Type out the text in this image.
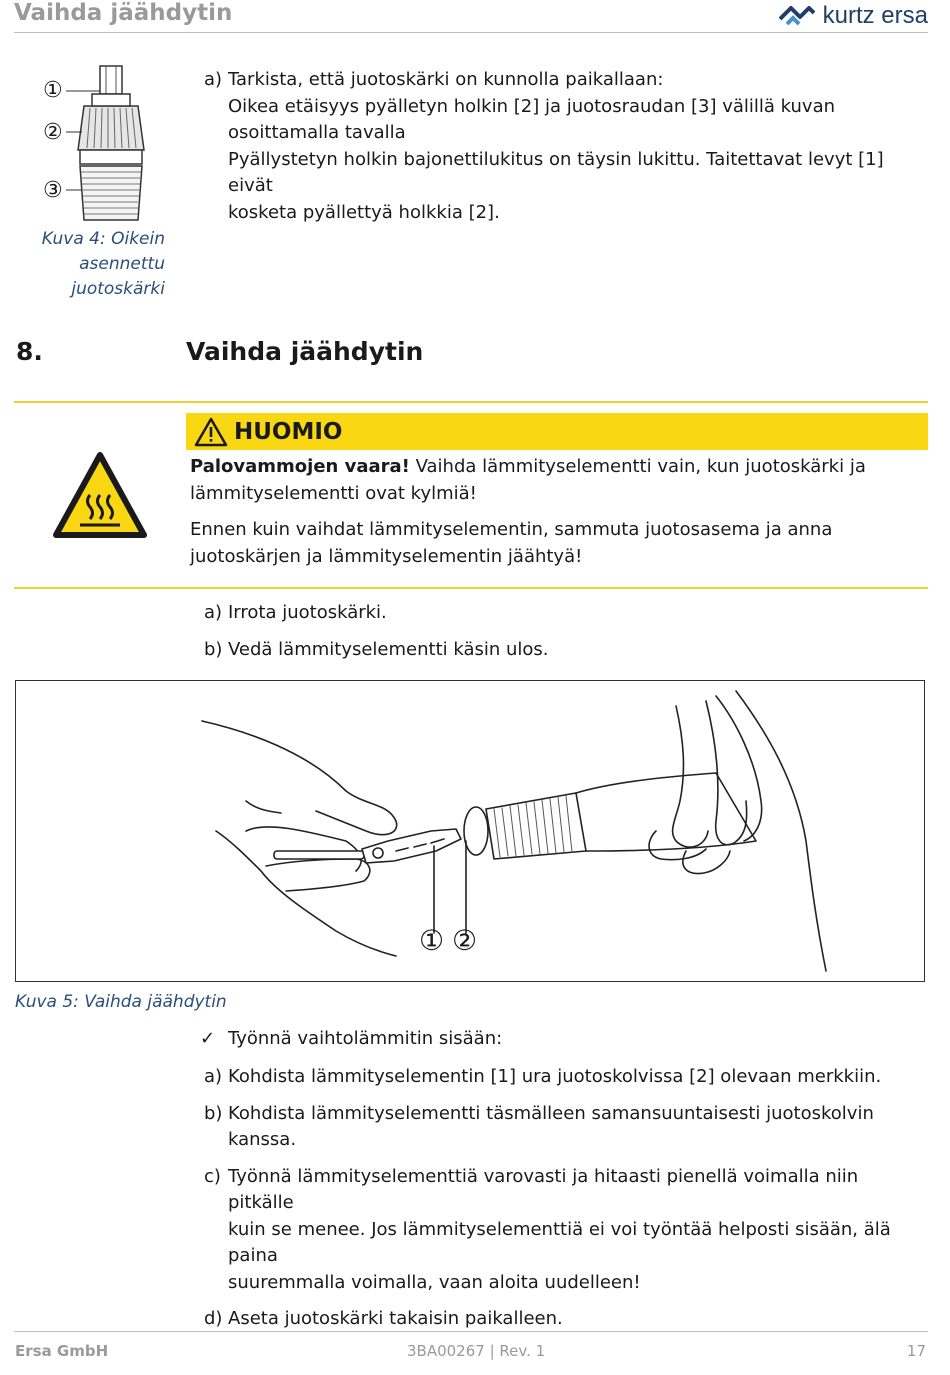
Vaihda jäähdytin	kurtz ersa
①
②
③
Kuva 4: Oikein
asennettu
juotoskärki
a) Tarkista, että juotoskärki on kunnolla paikallaan:
Oikea etäisyys pyälletyn holkin [2] ja juotosraudan [3] välillä kuvan
osoittamalla tavalla
Pyällystetyn holkin bajonettilukitus on täysin lukittu. Taitettavat levyt [1] eivät
kosketa pyällettyä holkkia [2].
8.	Vaihda jäähdytin
HUOMIO
Palovammojen vaara! Vaihda lämmityselementti vain, kun juotoskärki ja
lämmityselementti ovat kylmiä!
Ennen kuin vaihdat lämmityselementin, sammuta juotosasema ja anna
juotoskärjen ja lämmityselementin jäähtyä!
a) Irrota juotoskärki.
b) Vedä lämmityselementti käsin ulos.
① ②
Kuva 5: Vaihda jäähdytin
✓ Työnnä vaihtolämmitin sisään:
a) Kohdista lämmityselementin [1] ura juotoskolvissa [2] olevaan merkkiin.
b) Kohdista lämmityselementti täsmälleen samansuuntaisesti juotoskolvin
kanssa.
c) Työnnä lämmityselementtiä varovasti ja hitaasti pienellä voimalla niin pitkälle
kuin se menee. Jos lämmityselementtiä ei voi työntää helposti sisään, älä paina
suuremmalla voimalla, vaan aloita uudelleen!
d) Aseta juotoskärki takaisin paikalleen.
Ersa GmbH	3BA00267 | Rev. 1	17
